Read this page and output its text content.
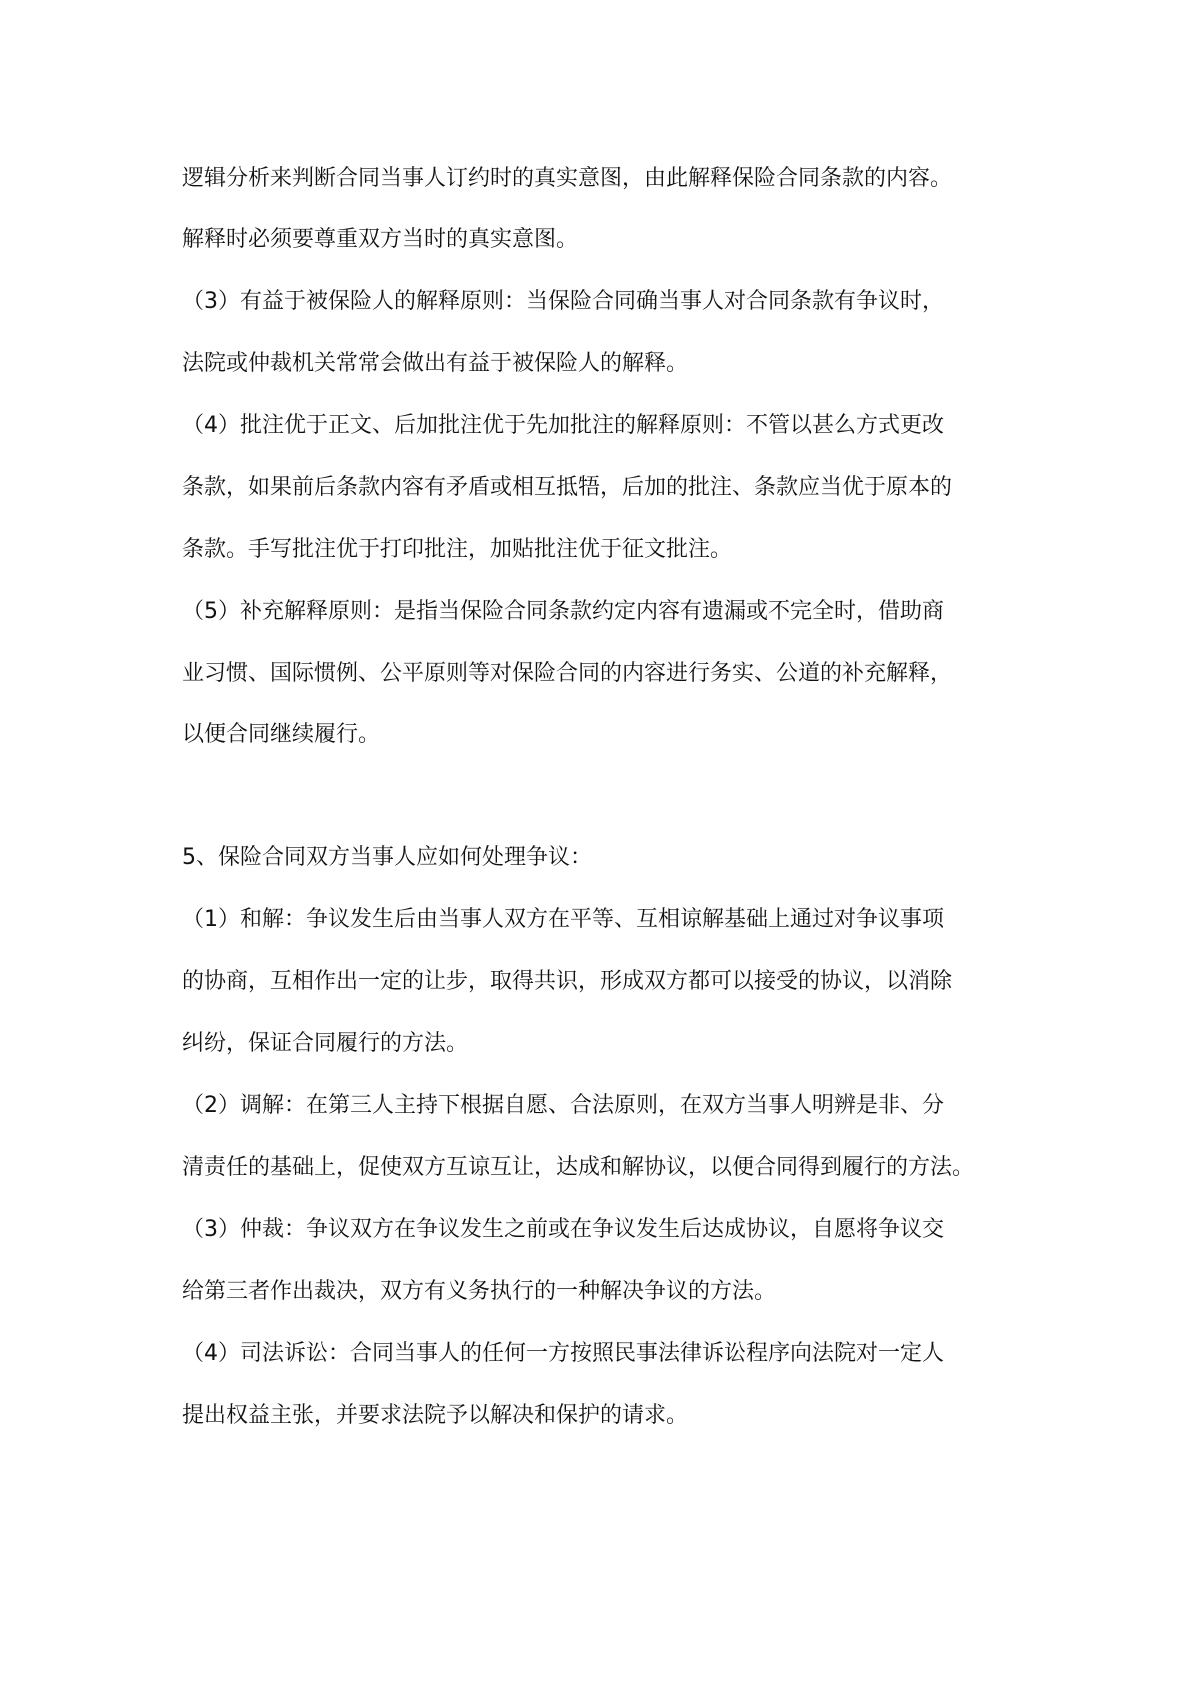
逻辑分析来判断合同当事人订约时的真实意图，由此解释保险合同条款的内容。
解释时必须要尊重双方当时的真实意图。
（3）有益于被保险人的解释原则：当保险合同确当事人对合同条款有争议时，
法院或仲裁机关常常会做出有益于被保险人的解释。
（4）批注优于正文、后加批注优于先加批注的解释原则：不管以甚么方式更改
条款，如果前后条款内容有矛盾或相互抵牾，后加的批注、条款应当优于原本的
条款。手写批注优于打印批注，加贴批注优于征文批注。
（5）补充解释原则：是指当保险合同条款约定内容有遗漏或不完全时，借助商
业习惯、国际惯例、公平原则等对保险合同的内容进行务实、公道的补充解释，
以便合同继续履行。
5、保险合同双方当事人应如何处理争议：
（1）和解：争议发生后由当事人双方在平等、互相谅解基础上通过对争议事项
的协商，互相作出一定的让步，取得共识，形成双方都可以接受的协议，以消除
纠纷，保证合同履行的方法。
（2）调解：在第三人主持下根据自愿、合法原则，在双方当事人明辨是非、分
清责任的基础上，促使双方互谅互让，达成和解协议，以便合同得到履行的方法。
（3）仲裁：争议双方在争议发生之前或在争议发生后达成协议，自愿将争议交
给第三者作出裁决，双方有义务执行的一种解决争议的方法。
（4）司法诉讼：合同当事人的任何一方按照民事法律诉讼程序向法院对一定人
提出权益主张，并要求法院予以解决和保护的请求。
